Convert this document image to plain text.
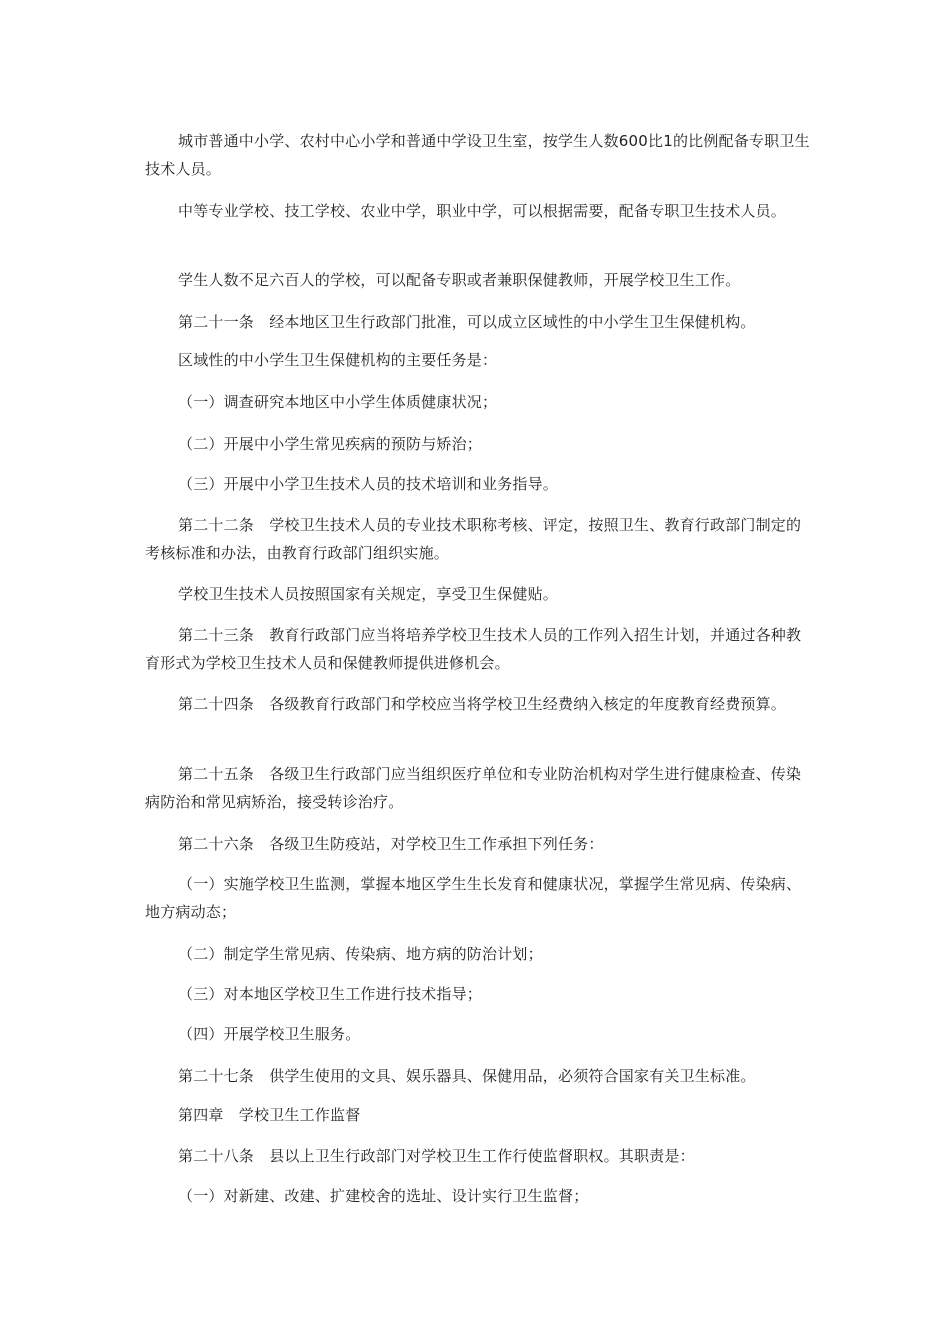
城市普通中小学、农村中心小学和普通中学设卫生室，按学生人数600比1的比例配备专职卫生技术人员。

中等专业学校、技工学校、农业中学，职业中学，可以根据需要，配备专职卫生技术人员。

学生人数不足六百人的学校，可以配备专职或者兼职保健教师，开展学校卫生工作。

第二十一条　经本地区卫生行政部门批准，可以成立区域性的中小学生卫生保健机构。

区域性的中小学生卫生保健机构的主要任务是：

（一）调查研究本地区中小学生体质健康状况；

（二）开展中小学生常见疾病的预防与矫治；

（三）开展中小学卫生技术人员的技术培训和业务指导。

第二十二条　学校卫生技术人员的专业技术职称考核、评定，按照卫生、教育行政部门制定的考核标准和办法，由教育行政部门组织实施。

学校卫生技术人员按照国家有关规定，享受卫生保健贴。

第二十三条　教育行政部门应当将培养学校卫生技术人员的工作列入招生计划，并通过各种教育形式为学校卫生技术人员和保健教师提供进修机会。

第二十四条　各级教育行政部门和学校应当将学校卫生经费纳入核定的年度教育经费预算。

第二十五条　各级卫生行政部门应当组织医疗单位和专业防治机构对学生进行健康检查、传染病防治和常见病矫治，接受转诊治疗。

第二十六条　各级卫生防疫站，对学校卫生工作承担下列任务：

（一）实施学校卫生监测，掌握本地区学生生长发育和健康状况，掌握学生常见病、传染病、地方病动态；

（二）制定学生常见病、传染病、地方病的防治计划；

（三）对本地区学校卫生工作进行技术指导；

（四）开展学校卫生服务。

第二十七条　供学生使用的文具、娱乐器具、保健用品，必须符合国家有关卫生标准。

第四章　学校卫生工作监督

第二十八条　县以上卫生行政部门对学校卫生工作行使监督职权。其职责是：

（一）对新建、改建、扩建校舍的选址、设计实行卫生监督；
